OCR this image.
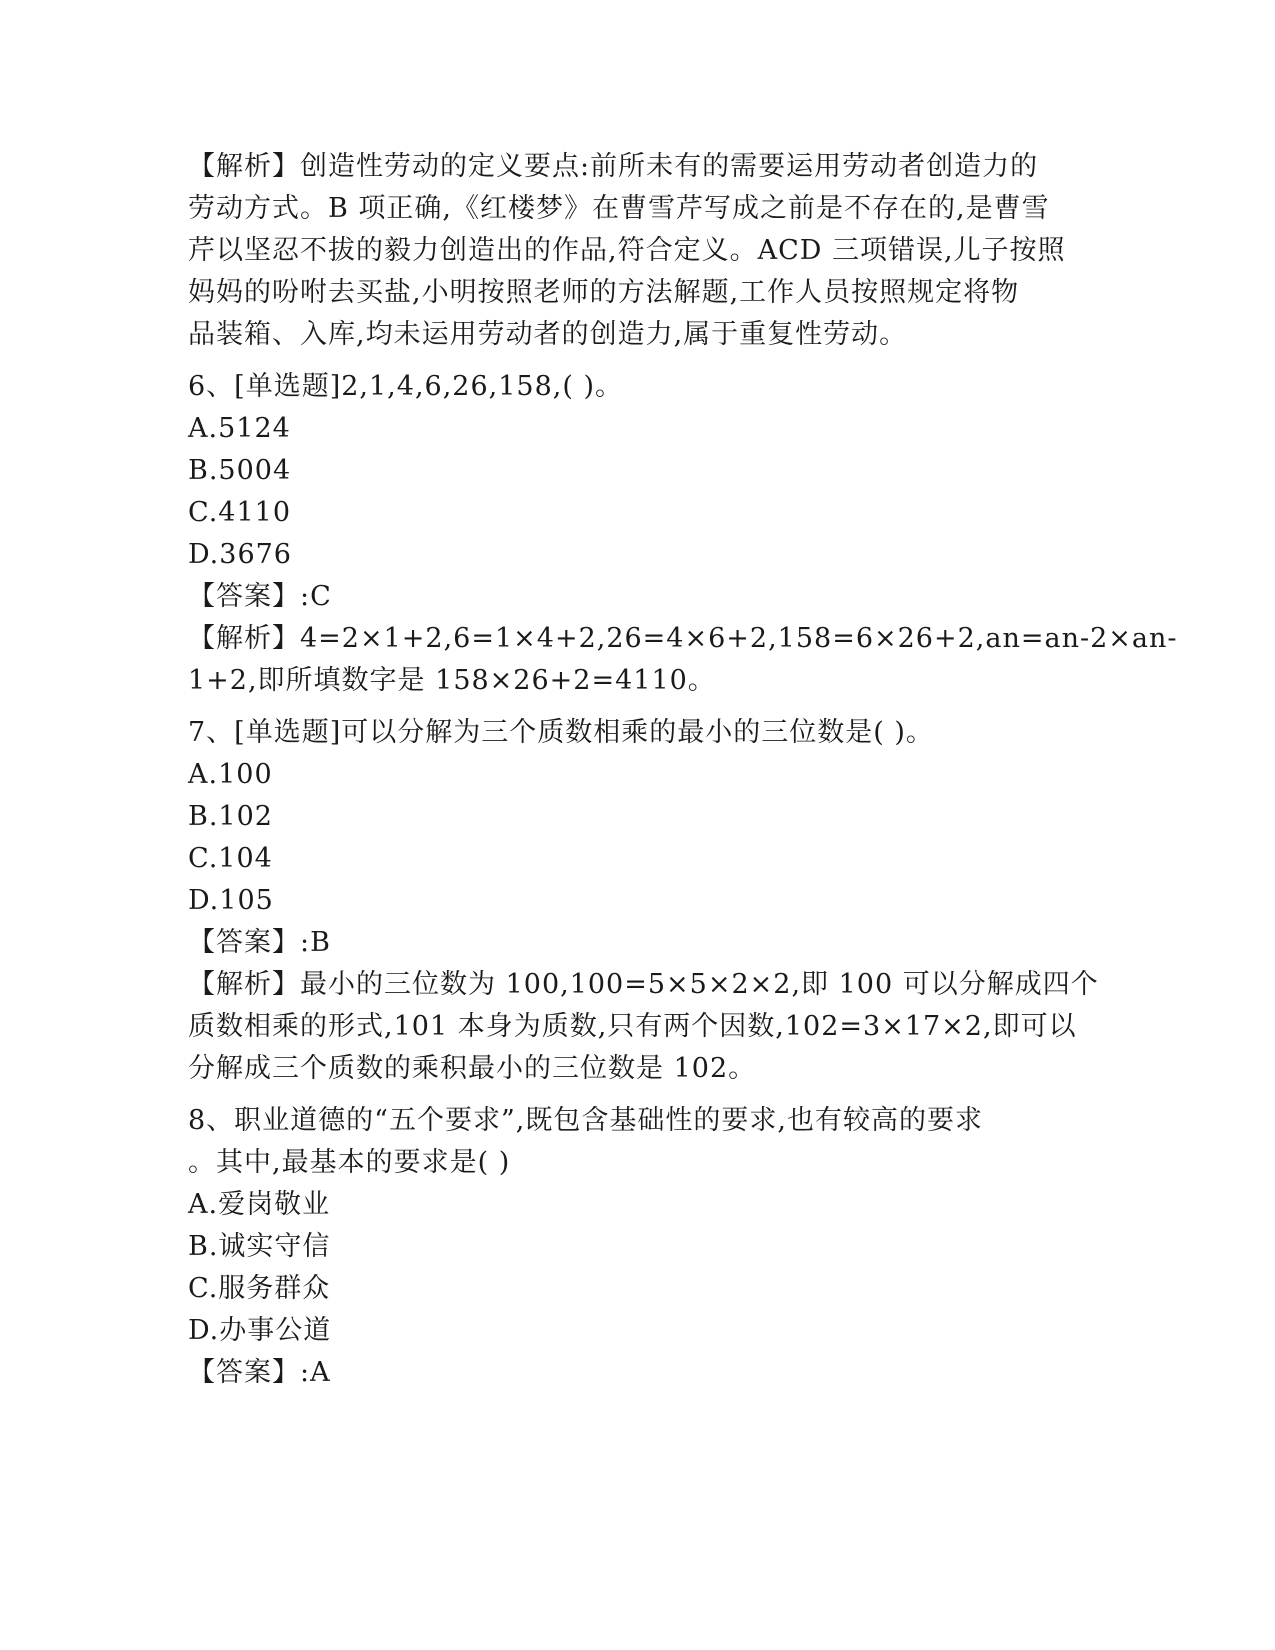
【解析】创造性劳动的定义要点:前所未有的需要运用劳动者创造力的
劳动方式。B 项正确,《红楼梦》在曹雪芹写成之前是不存在的,是曹雪
芹以坚忍不拔的毅力创造出的作品,符合定义。ACD 三项错误,儿子按照
妈妈的吩咐去买盐,小明按照老师的方法解题,工作人员按照规定将物
品装箱、入库,均未运用劳动者的创造力,属于重复性劳动。
6、[单选题]2,1,4,6,26,158,( )。
A.5124
B.5004
C.4110
D.3676
【答案】:C
【解析】4=2×1+2,6=1×4+2,26=4×6+2,158=6×26+2,an=an-2×an-
1+2,即所填数字是 158×26+2=4110。
7、[单选题]可以分解为三个质数相乘的最小的三位数是( )。
A.100
B.102
C.104
D.105
【答案】:B
【解析】最小的三位数为 100,100=5×5×2×2,即 100 可以分解成四个
质数相乘的形式,101 本身为质数,只有两个因数,102=3×17×2,即可以
分解成三个质数的乘积最小的三位数是 102。
8、职业道德的“五个要求”,既包含基础性的要求,也有较高的要求
。其中,最基本的要求是( )
A.爱岗敬业
B.诚实守信
C.服务群众
D.办事公道
【答案】:A
